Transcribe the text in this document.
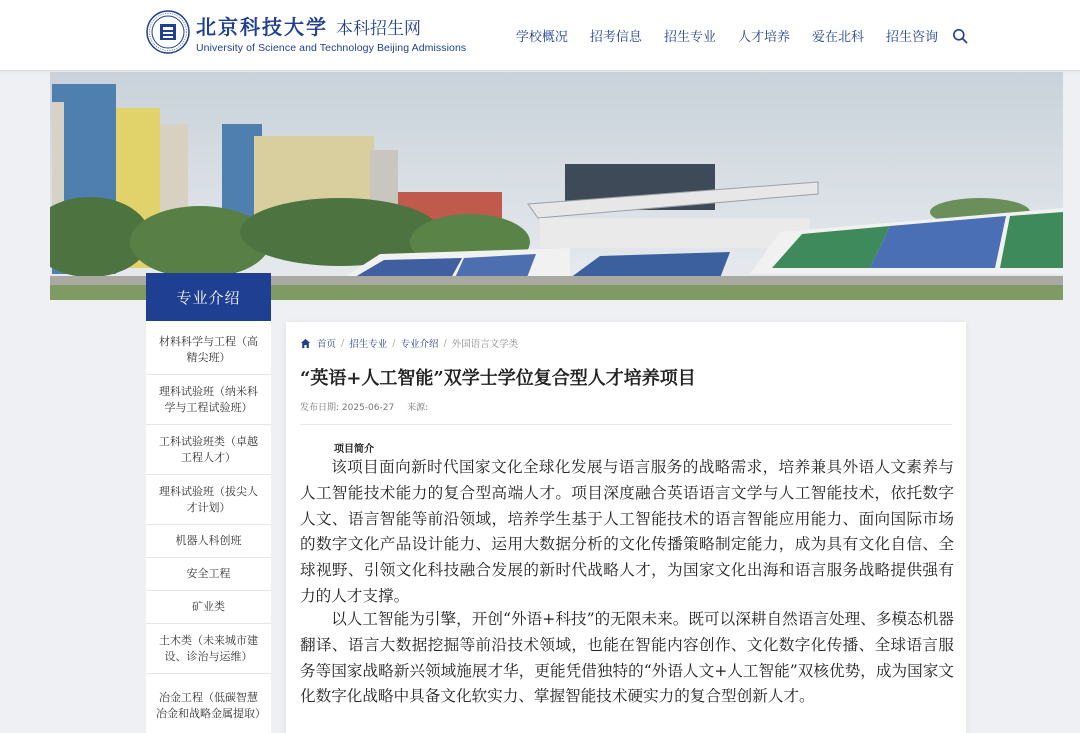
北京科技大学 本科招生网
University of Science and Technology Beijing Admissions
学校概况 招考信息 招生专业 人才培养 爱在北科 招生咨询
专业介绍
材料科学与工程（高精尖班）
理科试验班（纳米科学与工程试验班）
工科试验班类（卓越工程人才）
理科试验班（拔尖人才计划）
机器人科创班
安全工程
矿业类
土木类（未来城市建设、诊治与运维）
冶金工程（低碳智慧冶金和战略金属提取）
首页 / 招生专业 / 专业介绍 / 外国语言文学类
“英语+人工智能”双学士学位复合型人才培养项目
发布日期: 2025-06-27 来源:
项目简介

该项目面向新时代国家文化全球化发展与语言服务的战略需求，培养兼具外语人文素养与人工智能技术能力的复合型高端人才。项目深度融合英语语言文学与人工智能技术，依托数字人文、语言智能等前沿领域，培养学生基于人工智能技术的语言智能应用能力、面向国际市场的数字文化产品设计能力、运用大数据分析的文化传播策略制定能力，成为具有文化自信、全球视野、引领文化科技融合发展的新时代战略人才，为国家文化出海和语言服务战略提供强有力的人才支撑。

以人工智能为引擎，开创“外语+科技”的无限未来。既可以深耕自然语言处理、多模态机器翻译、语言大数据挖掘等前沿技术领域，也能在智能内容创作、文化数字化传播、全球语言服务等国家战略新兴领域施展才华，更能凭借独特的“外语人文+人工智能”双核优势，成为国家文化数字化战略中具备文化软实力、掌握智能技术硬实力的复合型创新人才。
